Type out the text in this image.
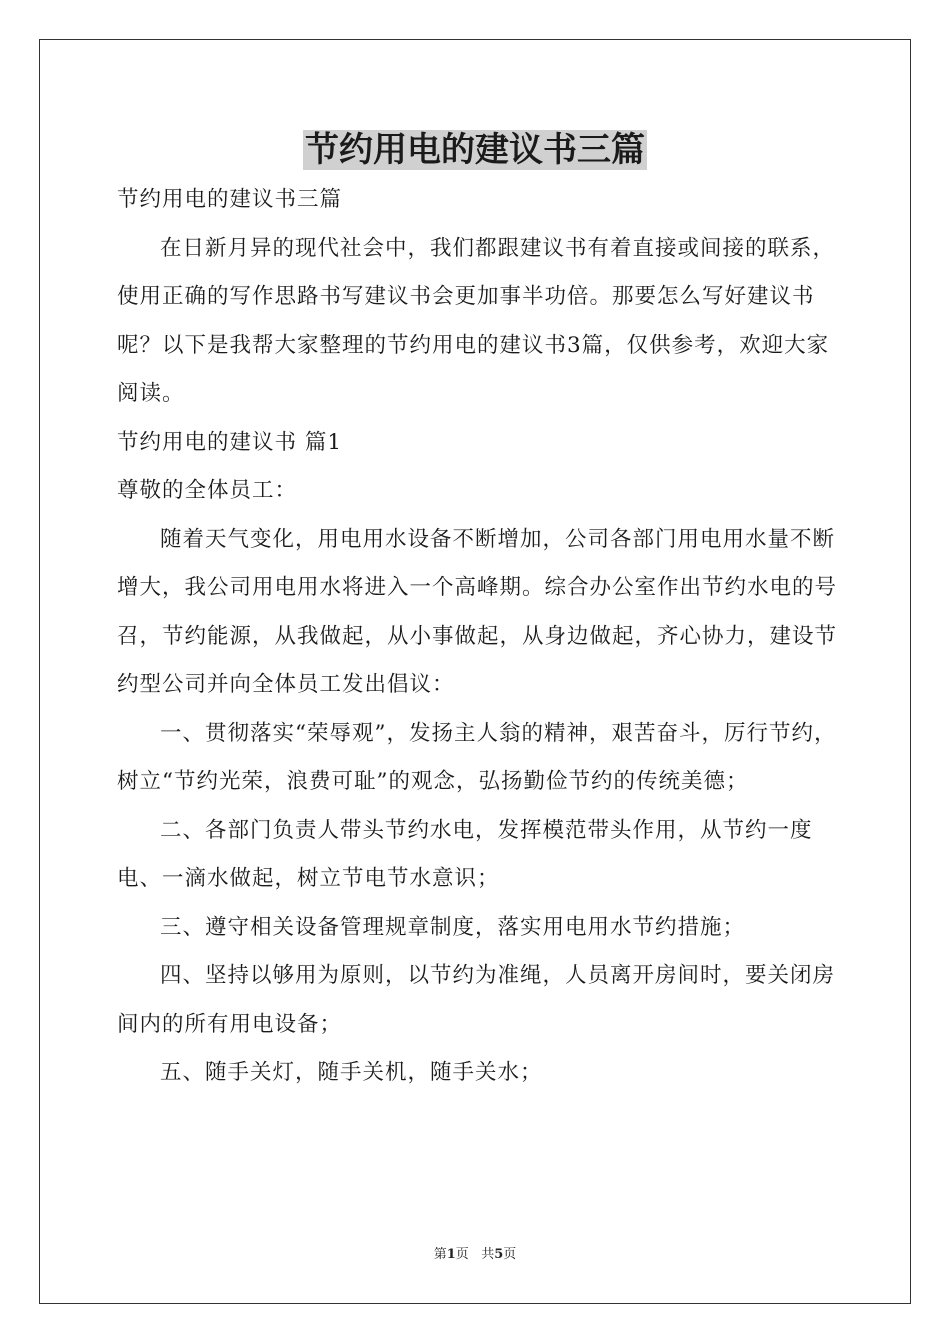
节约用电的建议书三篇

节约用电的建议书三篇

在日新月异的现代社会中，我们都跟建议书有着直接或间接的联系，使用正确的写作思路书写建议书会更加事半功倍。那要怎么写好建议书呢？以下是我帮大家整理的节约用电的建议书3篇，仅供参考，欢迎大家阅读。

节约用电的建议书 篇1

尊敬的全体员工：

随着天气变化，用电用水设备不断增加，公司各部门用电用水量不断增大，我公司用电用水将进入一个高峰期。综合办公室作出节约水电的号召，节约能源，从我做起，从小事做起，从身边做起，齐心协力，建设节约型公司并向全体员工发出倡议：

一、贯彻落实“荣辱观”，发扬主人翁的精神，艰苦奋斗，厉行节约，树立“节约光荣，浪费可耻”的观念，弘扬勤俭节约的传统美德；

二、各部门负责人带头节约水电，发挥模范带头作用，从节约一度电、一滴水做起，树立节电节水意识；

三、遵守相关设备管理规章制度，落实用电用水节约措施；

四、坚持以够用为原则，以节约为准绳，人员离开房间时，要关闭房间内的所有用电设备；

五、随手关灯，随手关机，随手关水；

第1页 共5页
